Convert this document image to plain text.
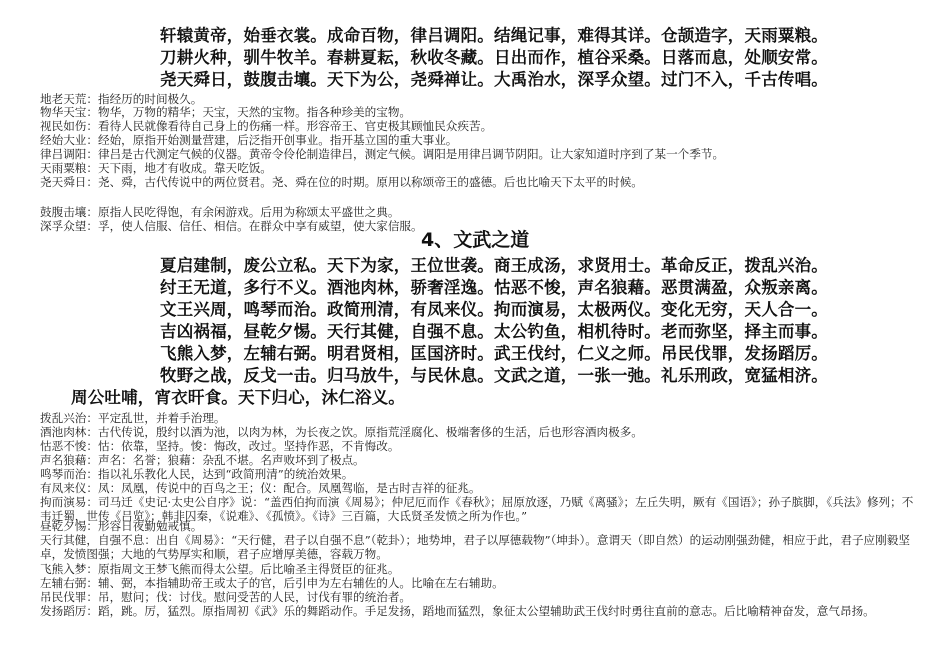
轩辕黄帝，始垂衣裳。成命百物，律吕调阳。结绳记事，难得其详。仓颉造字，天雨粟粮。
刀耕火种，驯牛牧羊。春耕夏耘，秋收冬藏。日出而作，植谷采桑。日落而息，处顺安常。
尧天舜日，鼓腹击壤。天下为公，尧舜禅让。大禹治水，深孚众望。过门不入，千古传唱。
地老天荒：指经历的时间极久。
物华天宝：物华，万物的精华；天宝，天然的宝物。指各种珍美的宝物。
视民如伤：看待人民就像看待自己身上的伤痛一样。形容帝王、官吏极其顾恤民众疾苦。
经始大业：经始，原指开始测量营建，后泛指开创事业。指开基立国的重大事业。
律吕调阳：律吕是古代测定气候的仪器。黄帝令伶伦制造律吕，测定气候。调阳是用律吕调节阴阳。让大家知道时序到了某一个季节。
天雨粟粮：天下雨，地才有收成。靠天吃饭。
尧天舜日：尧、舜，古代传说中的两位贤君。尧、舜在位的时期。原用以称颂帝王的盛德。后也比喻天下太平的时候。
鼓腹击壤：原指人民吃得饱，有余闲游戏。后用为称颂太平盛世之典。
深孚众望：孚，使人信服、信任、相信。在群众中享有威望，使大家信服。
4、文武之道
夏启建制，废公立私。天下为家，王位世袭。商王成汤，求贤用士。革命反正，拨乱兴治。
纣王无道，多行不义。酒池肉林，骄奢淫逸。怙恶不悛，声名狼藉。恶贯满盈，众叛亲离。
文王兴周，鸣琴而治。政简刑清，有凤来仪。拘而演易，太极两仪。变化无穷，天人合一。
吉凶祸福，昼乾夕惕。天行其健，自强不息。太公钓鱼，相机待时。老而弥坚，择主而事。
飞熊入梦，左辅右弼。明君贤相，匡国济时。武王伐纣，仁义之师。吊民伐罪，发扬蹈厉。
牧野之战，反戈一击。归马放牛，与民休息。文武之道，一张一弛。礼乐刑政，宽猛相济。
周公吐哺，宵衣旰食。天下归心，沐仁浴义。
拨乱兴治：平定乱世，并着手治理。
酒池肉林：古代传说，殷纣以酒为池，以肉为林，为长夜之饮。原指荒淫腐化、极端奢侈的生活，后也形容酒肉极多。
怙恶不悛：怙：依靠，坚持。悛：悔改，改过。坚持作恶，不肯悔改。
声名狼藉：声名：名誉；狼藉：杂乱不堪。名声败坏到了极点。
鸣琴而治：指以礼乐教化人民，达到“政简刑清”的统治效果。
有凤来仪：凤：凤凰，传说中的百鸟之王；仪：配合。凤凰驾临，是古时吉祥的征兆。
拘而演易：司马迁《史记·太史公自序》说：“盖西伯拘而演《周易》；仲尼厄而作《春秋》；屈原放逐，乃赋《离骚》；左丘失明，厥有《国语》；孙子膑脚，《兵法》修列；不韦迁蜀，世传《吕览》；韩非囚秦，《说难》、《孤愤》。《诗》三百篇，大氐贤圣发愤之所为作也。”
昼乾夕惕：形容日夜勤勉戒慎。
天行其健，自强不息：出自《周易》：“天行健，君子以自强不息”（乾卦）；地势坤，君子以厚德载物”（坤卦）。意谓天（即自然）的运动刚强劲健，相应于此，君子应刚毅坚卓，发愤图强；大地的气势厚实和顺，君子应增厚美德，容载万物。
飞熊入梦：原指周文王梦飞熊而得太公望。后比喻圣主得贤臣的征兆。
左辅右弼：辅、弼，本指辅助帝王或太子的官，后引申为左右辅佐的人。比喻在左右辅助。
吊民伐罪：吊，慰问；伐：讨伐。慰问受苦的人民，讨伐有罪的统治者。
发扬蹈厉：蹈，跳。厉，猛烈。原指周初《武》乐的舞蹈动作。手足发扬，蹈地而猛烈，象征太公望辅助武王伐纣时勇往直前的意志。后比喻精神奋发，意气昂扬。
